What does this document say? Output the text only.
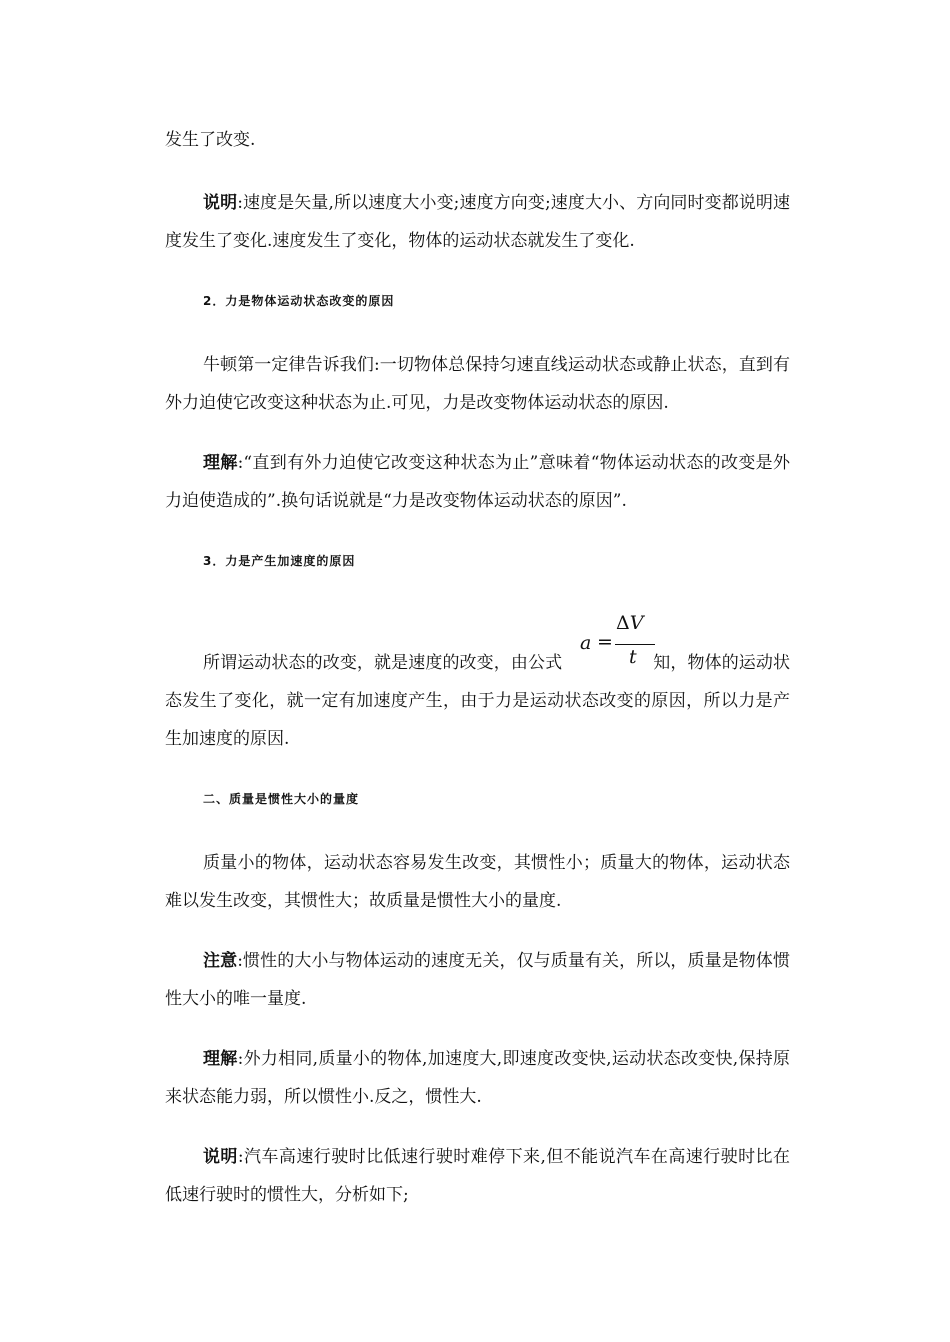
发生了改变.

说明:速度是矢量,所以速度大小变;速度方向变;速度大小、方向同时变都说明速度发生了变化.速度发生了变化，物体的运动状态就发生了变化.

2．力是物体运动状态改变的原因

牛顿第一定律告诉我们:一切物体总保持匀速直线运动状态或静止状态，直到有外力迫使它改变这种状态为止.可见，力是改变物体运动状态的原因.

理解:“直到有外力迫使它改变这种状态为止”意味着“物体运动状态的改变是外力迫使造成的”.换句话说就是“力是改变物体运动状态的原因”.

3．力是产生加速度的原因

a =
ΔV
t

所谓运动状态的改变，就是速度的改变，由公式	知，物体的运动状态发生了变化，就一定有加速度产生，由于力是运动状态改变的原因，所以力是产生加速度的原因.

二、质量是惯性大小的量度

质量小的物体，运动状态容易发生改变，其惯性小；质量大的物体，运动状态难以发生改变，其惯性大；故质量是惯性大小的量度.

注意:惯性的大小与物体运动的速度无关，仅与质量有关，所以，质量是物体惯性大小的唯一量度.

理解:外力相同,质量小的物体,加速度大,即速度改变快,运动状态改变快,保持原来状态能力弱，所以惯性小.反之，惯性大.

说明:汽车高速行驶时比低速行驶时难停下来,但不能说汽车在高速行驶时比在低速行驶时的惯性大，分析如下;
